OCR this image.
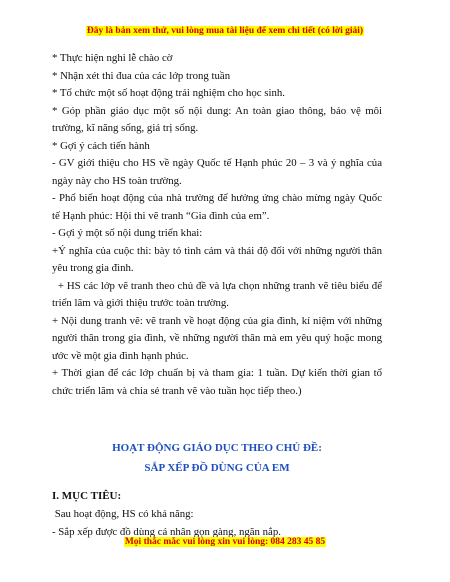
Đây là bản xem thử, vui lòng mua tài liệu để xem chi tiết (có lời giải)

* Thực hiện nghi lễ chào cờ

* Nhận xét thi đua của các lớp trong tuần

* Tổ chức một số hoạt động trải nghiệm cho học sinh.

* Góp phần giáo dục một số nội dung: An toàn giao thông, bảo vệ môi trường, kĩ năng sống, giá trị sống.

* Gợi ý cách tiến hành

- GV giới thiệu cho HS về ngày Quốc tế Hạnh phúc 20 – 3 và ý nghĩa của ngày này cho HS toàn trường.

- Phổ biến hoạt động của nhà trường để hưởng ứng chào mừng ngày Quốc tế Hạnh phúc: Hội thi vẽ tranh “Gia đình của em”.

- Gợi ý một số nội dung triển khai:

+Ý nghĩa của cuộc thi: bày tỏ tình cảm và thái độ đối với những người thân yêu trong gia đình.

+ HS các lớp vẽ tranh theo chủ đề và lựa chọn những tranh vẽ tiêu biểu để triển lãm và giới thiệu trước toàn trường.

+ Nội dung tranh vẽ: vẽ tranh về hoạt động của gia đình, kỉ niệm với những người thân trong gia đình, về những người thân mà em yêu quý hoặc mong ước về một gia đình hạnh phúc.

+ Thời gian để các lớp chuẩn bị và tham gia: 1 tuần. Dự kiến thời gian tổ chức triển lãm và chia sẻ tranh vẽ vào tuần học tiếp theo.)

HOẠT ĐỘNG GIÁO DỤC THEO CHỦ ĐỀ:

SẮP XẾP ĐỒ DÙNG CỦA EM

I. MỤC TIÊU:

Sau hoạt động, HS có khả năng:

- Sắp xếp được đồ dùng cá nhân gọn gàng, ngăn nắp.

Mọi thắc mắc vui lòng xin vui lòng: 084 283 45 85
